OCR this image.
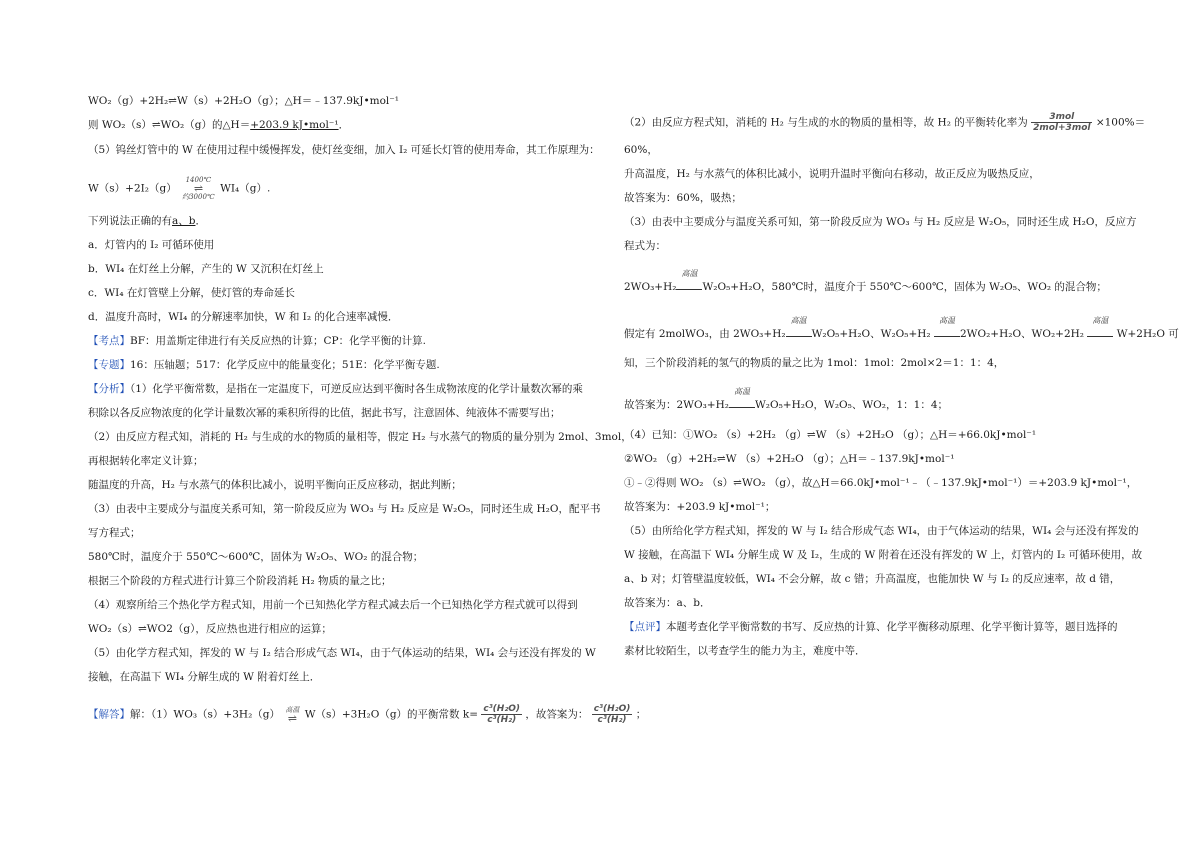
WO₂（g）+2H₂⇌W（s）+2H₂O（g）；△H＝﹣137.9kJ•mol⁻¹
则 WO₂（s）⇌WO₂（g）的△H＝+203.9 kJ•mol⁻¹．
（5）钨丝灯管中的 W 在使用过程中缓慢挥发，使灯丝变细，加入 I₂ 可延长灯管的使用寿命，其工作原理为：
W（s）+2I₂（g） 1400℃
⇌
约3000℃ WI₄（g）.
下列说法正确的有a、b．
a．灯管内的 I₂ 可循环使用
b．WI₄ 在灯丝上分解，产生的 W 又沉积在灯丝上
c．WI₄ 在灯管壁上分解，使灯管的寿命延长
d．温度升高时，WI₄ 的分解速率加快，W 和 I₂ 的化合速率减慢．
【考点】BF：用盖斯定律进行有关反应热的计算；CP：化学平衡的计算.
【专题】16：压轴题；517：化学反应中的能量变化；51E：化学平衡专题.
【分析】（1）化学平衡常数，是指在一定温度下，可逆反应达到平衡时各生成物浓度的化学计量数次幂的乘
积除以各反应物浓度的化学计量数次幂的乘积所得的比值，据此书写，注意固体、纯液体不需要写出；
（2）由反应方程式知，消耗的 H₂ 与生成的水的物质的量相等，假定 H₂ 与水蒸气的物质的量分别为 2mol、3mol，
再根据转化率定义计算；
随温度的升高，H₂ 与水蒸气的体积比减小，说明平衡向正反应移动，据此判断；
（3）由表中主要成分与温度关系可知，第一阶段反应为 WO₃ 与 H₂ 反应是 W₂O₅，同时还生成 H₂O，配平书
写方程式；
580℃时，温度介于 550℃～600℃，固体为 W₂O₅、WO₂ 的混合物；
根据三个阶段的方程式进行计算三个阶段消耗 H₂ 物质的量之比；
（4）观察所给三个热化学方程式知，用前一个已知热化学方程式减去后一个已知热化学方程式就可以得到
WO₂（s）⇌WO2（g），反应热也进行相应的运算；
（5）由化学方程式知，挥发的 W 与 I₂ 结合形成气态 WI₄，由于气体运动的结果，WI₄ 会与还没有挥发的 W
接触，在高温下 WI₄ 分解生成的 W 附着灯丝上．
【解答】解：（1）WO₃（s）+3H₂（g） 高温
⇌ W（s）+3H₂O（g）的平衡常数 $k= \frac{\text{c³(H₂O)}}{\text{c³(H₂)}}$ ，故答案为： $\frac{\text{c³(H₂O)}}{\text{c³(H₂)}}$ ；
（2）由反应方程式知，消耗的 H₂ 与生成的水的物质的量相等，故 H₂ 的平衡转化率为 $\frac{\text{3mol}}{\text{2mol+3mol}} \times 100\%=$
60%，
升高温度，H₂ 与水蒸气的体积比减小，说明升温时平衡向右移动，故正反应为吸热反应，
故答案为：60%，吸热；
（3）由表中主要成分与温度关系可知，第一阶段反应为 WO₃ 与 H₂ 反应是 W₂O₅，同时还生成 H₂O，反应方
程式为：
2WO₃+H₂
高温
W₂O₅+H₂O，580℃时，温度介于 550℃～600℃，固体为 W₂O₅、WO₂ 的混合物；
假定有 2molWO₃，由 2WO₃+H₂
高温
W₂O₅+H₂O、W₂O₅+H₂
高温
2WO₂+H₂O、WO₂+2H₂
高温
W+2H₂O 可
知，三个阶段消耗的氢气的物质的量之比为 1mol：1mol：2mol×2＝1：1：4，
故答案为：2WO₃+H₂
高温
W₂O₅+H₂O，W₂O₅、WO₂，1：1：4；
（4）已知：①WO₂ （s）+2H₂ （g）⇌W （s）+2H₂O （g）；△H＝+66.0kJ•mol⁻¹
②WO₂ （g）+2H₂⇌W （s）+2H₂O （g）；△H＝﹣137.9kJ•mol⁻¹
①﹣②得则 WO₂ （s）⇌WO₂ （g），故△H＝66.0kJ•mol⁻¹﹣（﹣137.9kJ•mol⁻¹）＝+203.9 kJ•mol⁻¹，
故答案为：+203.9 kJ•mol⁻¹；
（5）由所给化学方程式知，挥发的 W 与 I₂ 结合形成气态 WI₄，由于气体运动的结果，WI₄ 会与还没有挥发的
W 接触，在高温下 WI₄ 分解生成 W 及 I₂，生成的 W 附着在还没有挥发的 W 上，灯管内的 I₂ 可循环使用，故
a、b 对；灯管壁温度较低，WI₄ 不会分解，故 c 错；升高温度，也能加快 W 与 I₂ 的反应速率，故 d 错，
故答案为：a、b．
【点评】本题考查化学平衡常数的书写、反应热的计算、化学平衡移动原理、化学平衡计算等，题目选择的
素材比较陌生，以考查学生的能力为主，难度中等．
